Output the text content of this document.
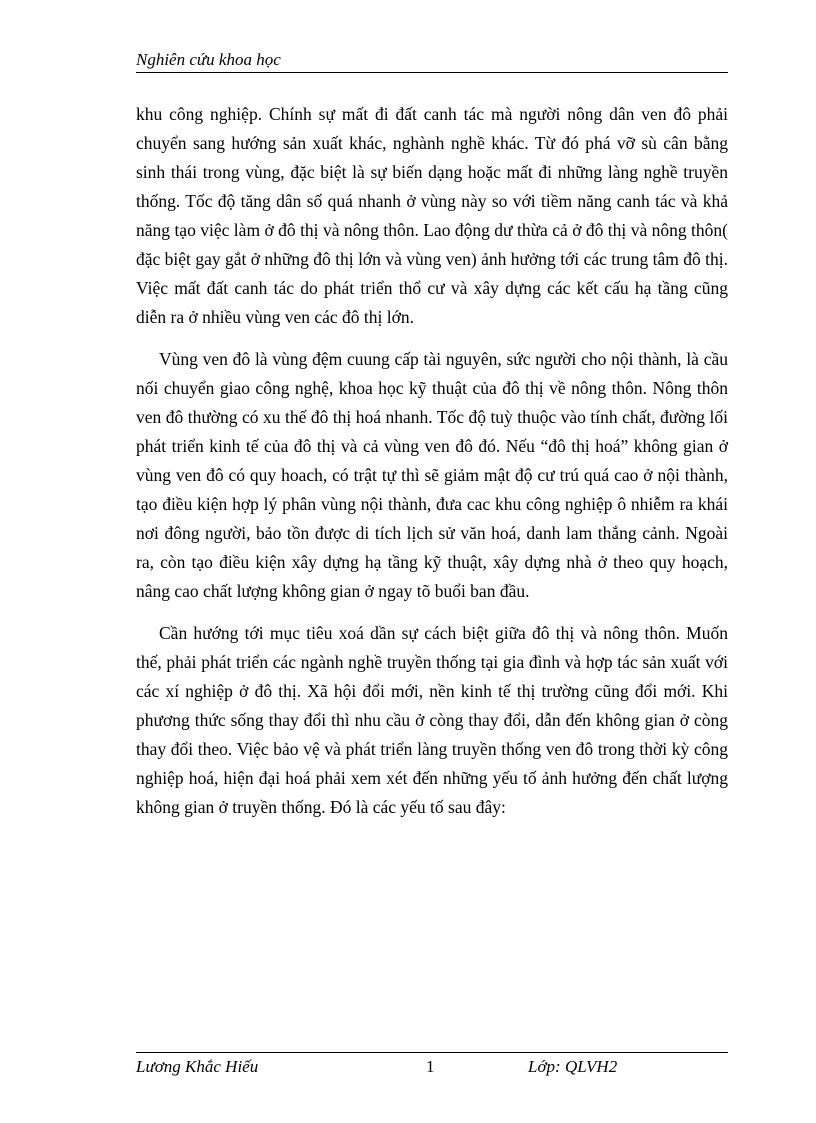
Nghiên cứu khoa học

khu công nghiệp. Chính sự mất đi đất canh tác mà người nông dân ven đô phải chuyển sang hướng sản xuất khác, nghành nghề khác. Từ đó phá vỡ sù cân bằng sinh thái trong vùng, đặc biệt là sự biến dạng hoặc mất đi những làng nghề truyền thống. Tốc độ tăng dân số quá nhanh ở vùng này so với tiềm năng canh tác và khả năng tạo việc làm ở đô thị và nông thôn. Lao động dư thừa cả ở đô thị và nông thôn( đặc biệt gay gắt ở những đô thị lớn và vùng ven) ảnh hưởng tới các trung tâm đô thị. Việc mất đất canh tác do phát triển thổ cư và xây dựng các kết cấu hạ tầng cũng diễn ra ở nhiều vùng ven các đô thị lớn.

Vùng ven đô là vùng đệm cuung cấp tài nguyên, sức người cho nội thành, là cầu nối chuyển giao công nghệ, khoa học kỹ thuật của đô thị về nông thôn. Nông thôn ven đô thường có xu thế đô thị hoá nhanh. Tốc độ tuỳ thuộc vào tính chất, đường lối phát triển kinh tế của đô thị và cả vùng ven đô đó. Nếu “đô thị hoá” không gian ở vùng ven đô có quy hoach, có trật tự thì sẽ giảm mật độ cư trú quá cao ở nội thành, tạo điều kiện hợp lý phân vùng nội thành, đưa cac khu công nghiệp ô nhiễm ra khái nơi đông người, bảo tồn được di tích lịch sử văn hoá, danh lam thắng cảnh. Ngoài ra, còn tạo điều kiện xây dựng hạ tầng kỹ thuật, xây dựng nhà ở theo quy hoạch, nâng cao chất lượng không gian ở ngay tõ buổi ban đầu.

Cần hướng tới mục tiêu xoá dần sự cách biệt giữa đô thị và nông thôn. Muốn thế, phải phát triển các ngành nghề truyền thống tại gia đình và hợp tác sản xuất với các xí nghiệp ở đô thị. Xã hội đổi mới, nền kinh tế thị trường cũng đổi mới. Khi phương thức sống thay đổi thì nhu cầu ở còng thay đổi, dẫn đến không gian ở còng thay đổi theo. Việc bảo vệ và phát triển làng truyền thống ven đô trong thời kỳ công nghiệp hoá, hiện đại hoá phải xem xét đến những yếu tố ảnh hưởng đến chất lượng không gian ở truyền thống. Đó là các yếu tố sau đây:

Lương Khắc Hiếu	1	Lớp: QLVH2
